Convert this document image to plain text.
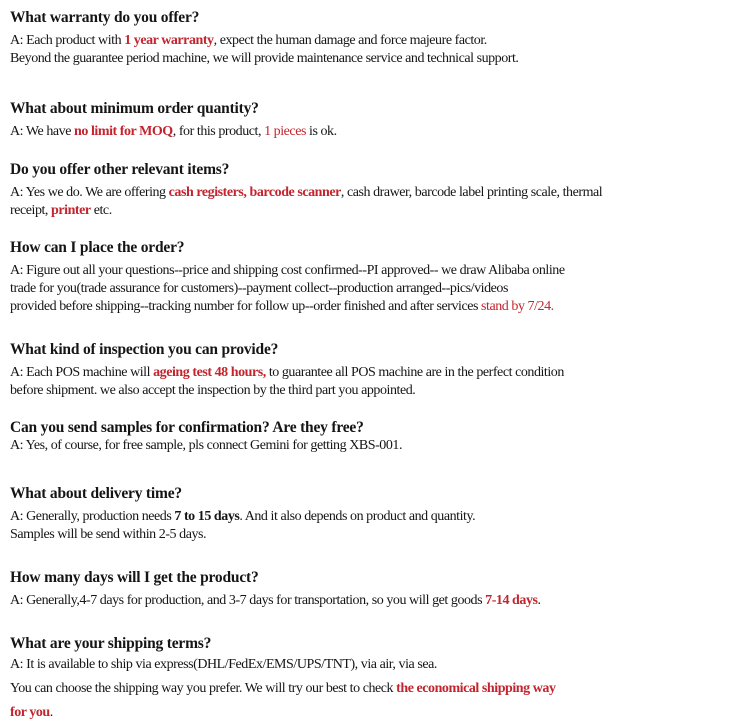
What warranty do you offer?
A: Each product with 1 year warranty, expect the human damage and force majeure factor.
Beyond the guarantee period machine, we will provide maintenance service and technical support.
What about minimum order quantity?
A: We have no limit for MOQ, for this product, 1 pieces is ok.
Do you offer other relevant items?
A: Yes we do. We are offering cash registers, barcode scanner, cash drawer, barcode label printing scale, thermal
receipt, printer etc.
How can I place the order?
A: Figure out all your questions--price and shipping cost confirmed--PI approved-- we draw Alibaba online
trade for you(trade assurance for customers)--payment collect--production arranged--pics/videos
provided before shipping--tracking number for follow up--order finished and after services stand by 7/24.
What kind of inspection you can provide?
A: Each POS machine will ageing test 48 hours, to guarantee all POS machine are in the perfect condition
before shipment. we also accept the inspection by the third part you appointed.
Can you send samples for confirmation? Are they free?
A: Yes, of course, for free sample, pls connect Gemini for getting XBS-001.
What about delivery time?
A: Generally, production needs 7 to 15 days. And it also depends on product and quantity.
Samples will be send within 2-5 days.
How many days will I get the product?
A: Generally,4-7 days for production, and 3-7 days for transportation, so you will get goods 7-14 days.
What are your shipping terms?
A: It is available to ship via express(DHL/FedEx/EMS/UPS/TNT), via air, via sea.
You can choose the shipping way you prefer. We will try our best to check the economical shipping way
for you.
